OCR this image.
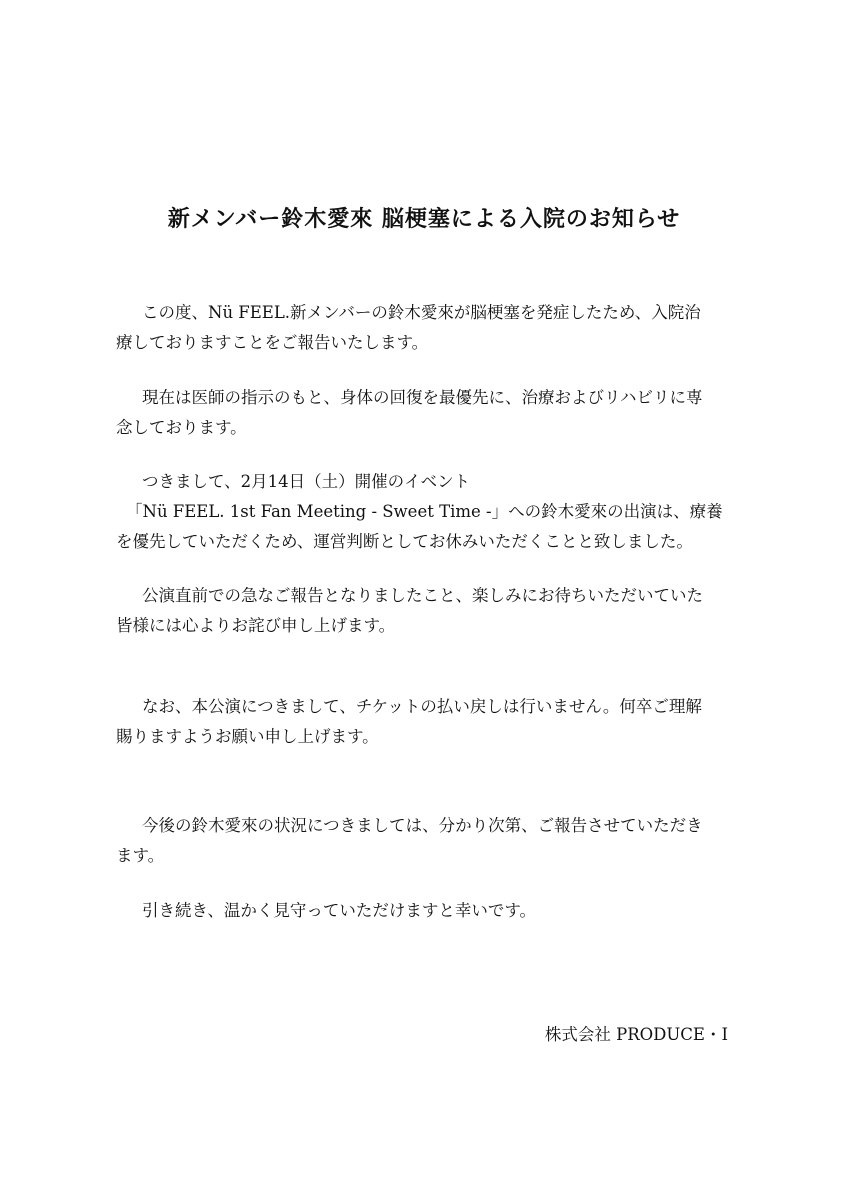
新メンバー鈴木愛來 脳梗塞による入院のお知らせ
この度、Nü FEEL.新メンバーの鈴木愛來が脳梗塞を発症したため、入院治
療しておりますことをご報告いたします。
現在は医師の指示のもと、身体の回復を最優先に、治療およびリハビリに専
念しております。
つきまして、2月14日（土）開催のイベント
「Nü FEEL. 1st Fan Meeting - Sweet Time -」への鈴木愛來の出演は、療養
を優先していただくため、運営判断としてお休みいただくことと致しました。
公演直前での急なご報告となりましたこと、楽しみにお待ちいただいていた
皆様には心よりお詫び申し上げます。
なお、本公演につきまして、チケットの払い戻しは行いません。何卒ご理解
賜りますようお願い申し上げます。
今後の鈴木愛來の状況につきましては、分かり次第、ご報告させていただき
ます。
引き続き、温かく見守っていただけますと幸いです。
株式会社 PRODUCE・I
